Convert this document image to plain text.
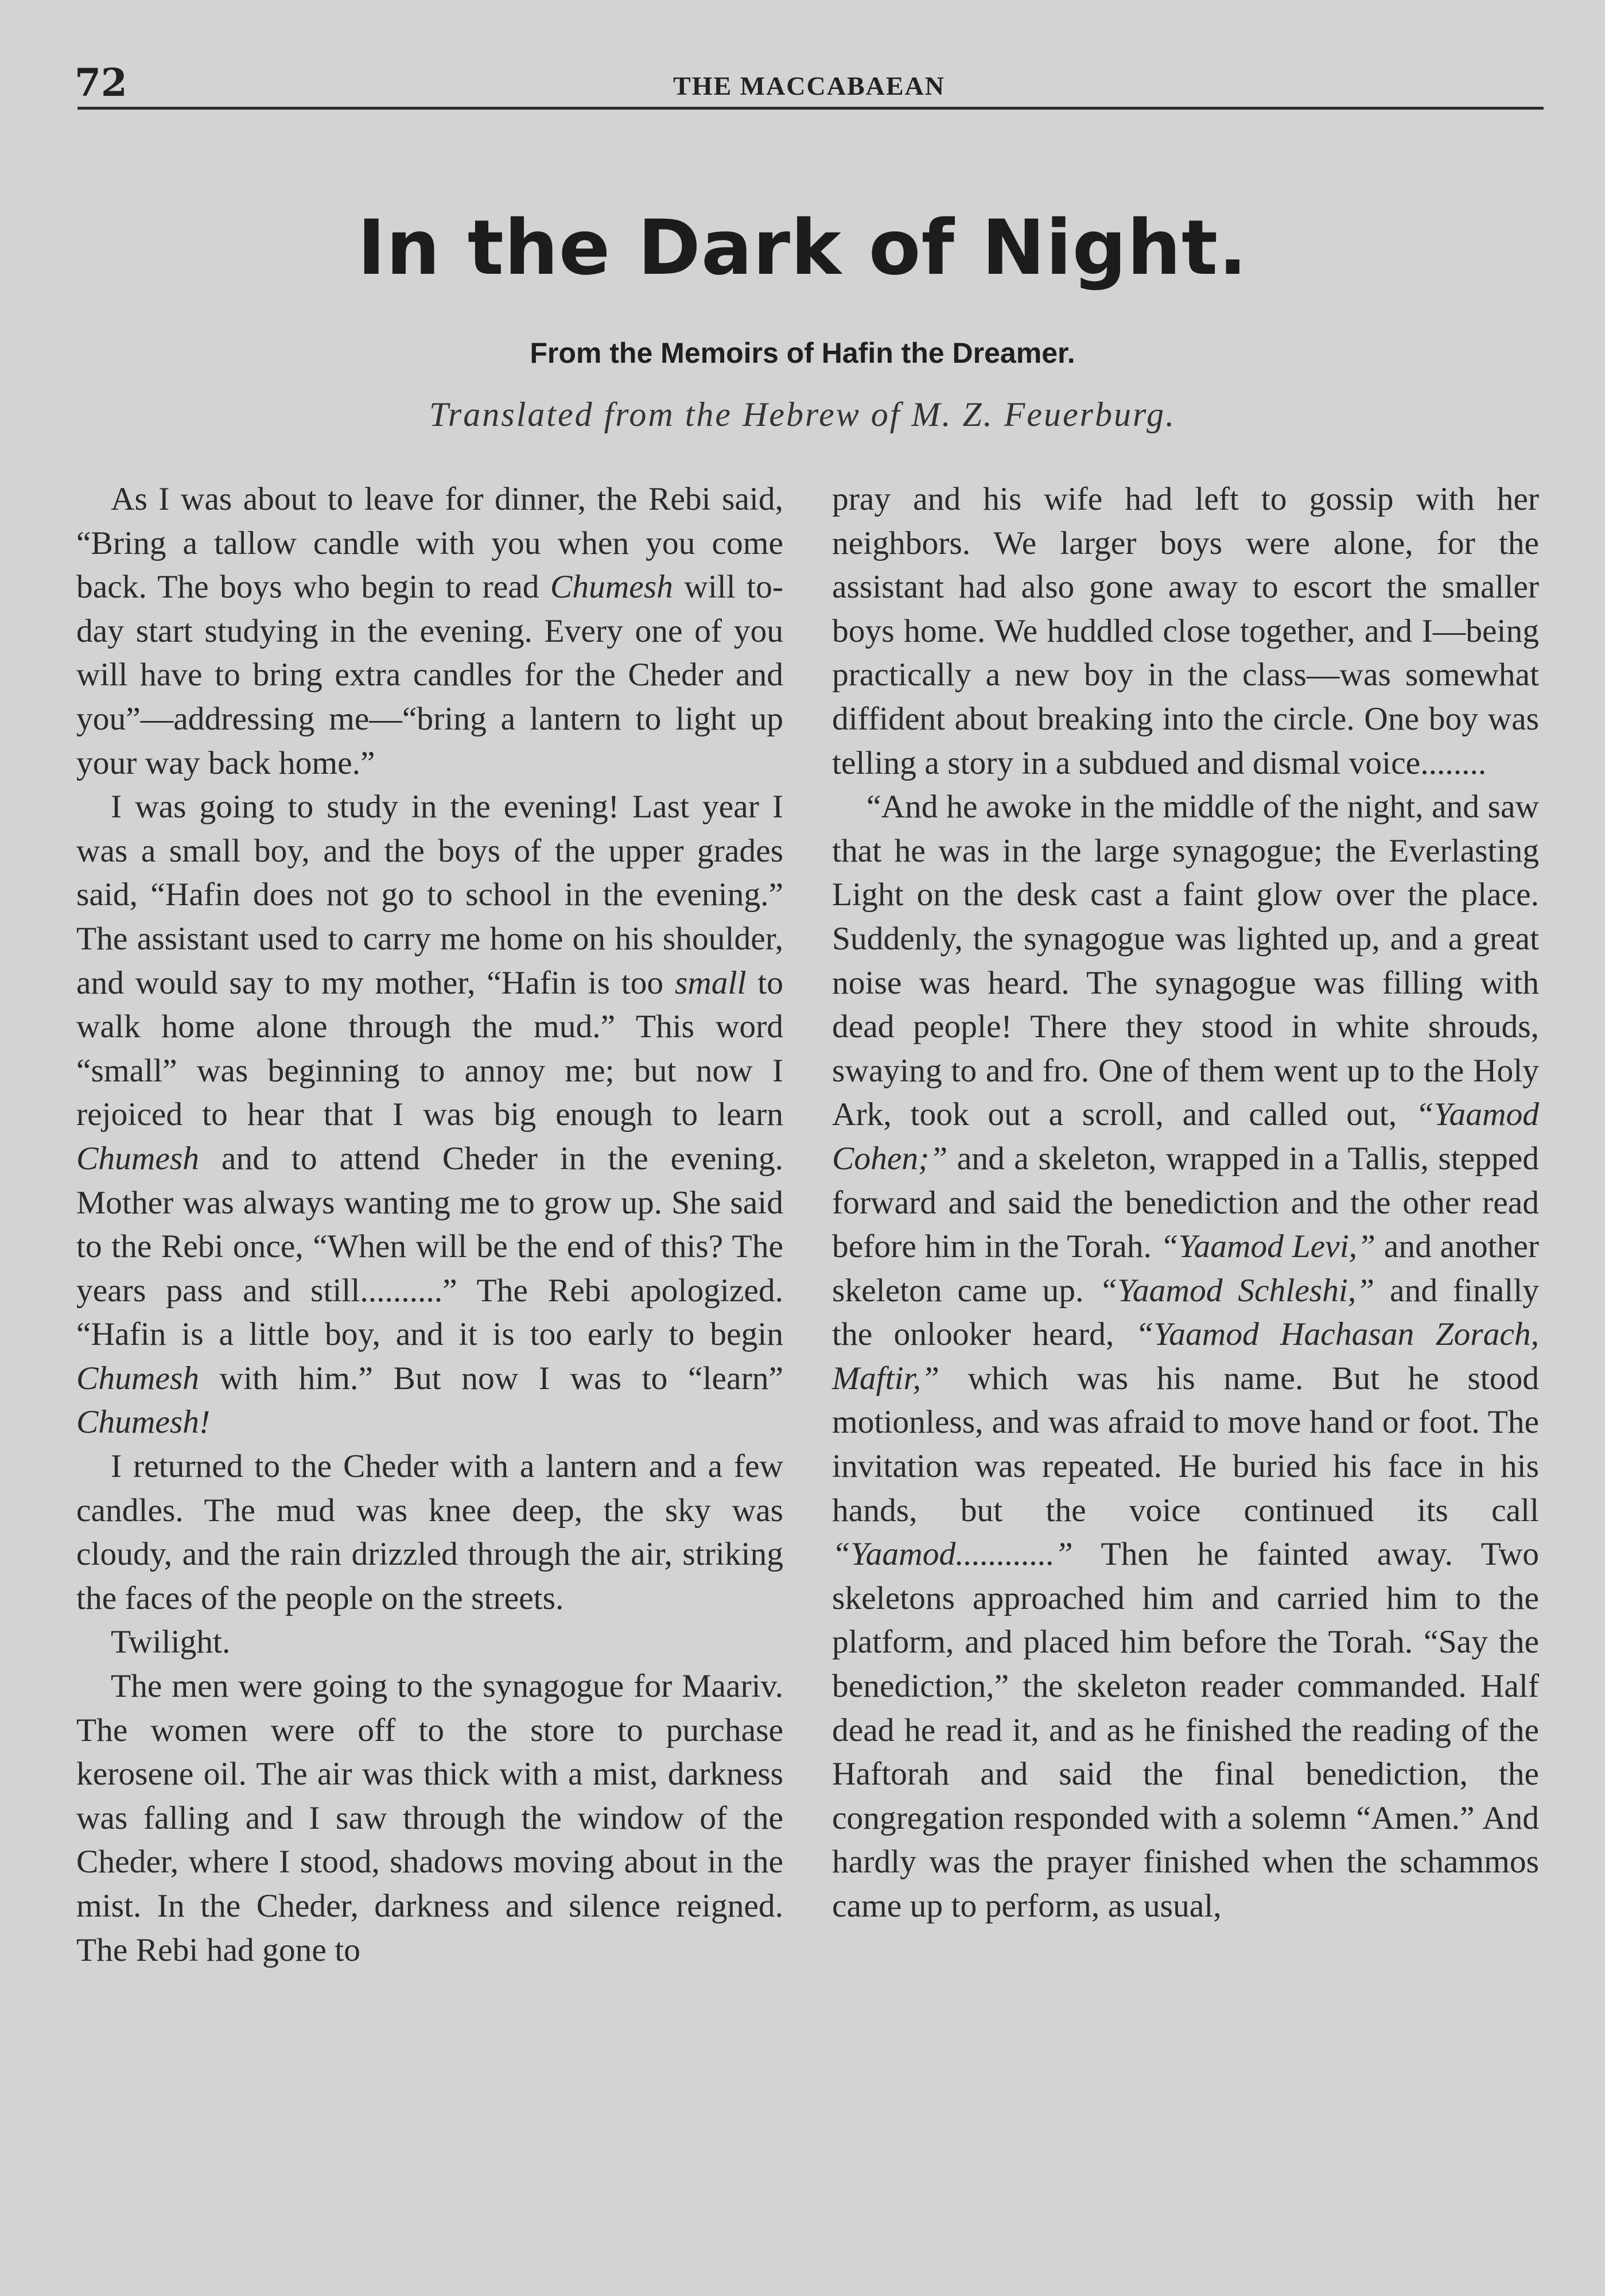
72	THE MACCABAEAN
In the Dark of Night.
From the Memoirs of Hafin the Dreamer.
Translated from the Hebrew of M. Z. Feuerburg.

As I was about to leave for dinner, the Rebi said, “Bring a tallow candle with you when you come back. The boys who begin to read Chumesh will to-day start studying in the evening. Every one of you will have to bring extra candles for the Cheder and you”—addressing me—“bring a lantern to light up your way back home.”

I was going to study in the evening! Last year I was a small boy, and the boys of the upper grades said, “Hafin does not go to school in the evening.” The assistant used to carry me home on his shoulder, and would say to my mother, “Hafin is too small to walk home alone through the mud.” This word “small” was beginning to annoy me; but now I rejoiced to hear that I was big enough to learn Chumesh and to attend Cheder in the evening. Mother was always wanting me to grow up. She said to the Rebi once, “When will be the end of this? The years pass and still..........” The Rebi apologized. “Hafin is a little boy, and it is too early to begin Chumesh with him.” But now I was to “learn” Chumesh!

I returned to the Cheder with a lantern and a few candles. The mud was knee deep, the sky was cloudy, and the rain drizzled through the air, striking the faces of the people on the streets.

Twilight.

The men were going to the synagogue for Maariv. The women were off to the store to purchase kerosene oil. The air was thick with a mist, darkness was falling and I saw through the window of the Cheder, where I stood, shadows moving about in the mist. In the Cheder, darkness and silence reigned. The Rebi had gone to

pray and his wife had left to gossip with her neighbors. We larger boys were alone, for the assistant had also gone away to escort the smaller boys home. We huddled close together, and I—being practically a new boy in the class—was somewhat diffident about breaking into the circle. One boy was telling a story in a subdued and dismal voice........

“And he awoke in the middle of the night, and saw that he was in the large synagogue; the Everlasting Light on the desk cast a faint glow over the place. Suddenly, the synagogue was lighted up, and a great noise was heard. The synagogue was filling with dead people! There they stood in white shrouds, swaying to and fro. One of them went up to the Holy Ark, took out a scroll, and called out, “Yaamod Cohen;” and a skeleton, wrapped in a Tallis, stepped forward and said the benediction and the other read before him in the Torah. “Yaamod Levi,” and another skeleton came up. “Yaamod Schleshi,” and finally the onlooker heard, “Yaamod Hachasan Zorach, Maftir,” which was his name. But he stood motionless, and was afraid to move hand or foot. The invitation was repeated. He buried his face in his hands, but the voice continued its call “Yaamod............” Then he fainted away. Two skeletons approached him and carried him to the platform, and placed him before the Torah. “Say the benediction,” the skeleton reader commanded. Half dead he read it, and as he finished the reading of the Haftorah and said the final benediction, the congregation responded with a solemn “Amen.” And hardly was the prayer finished when the schammos came up to perform, as usual,
